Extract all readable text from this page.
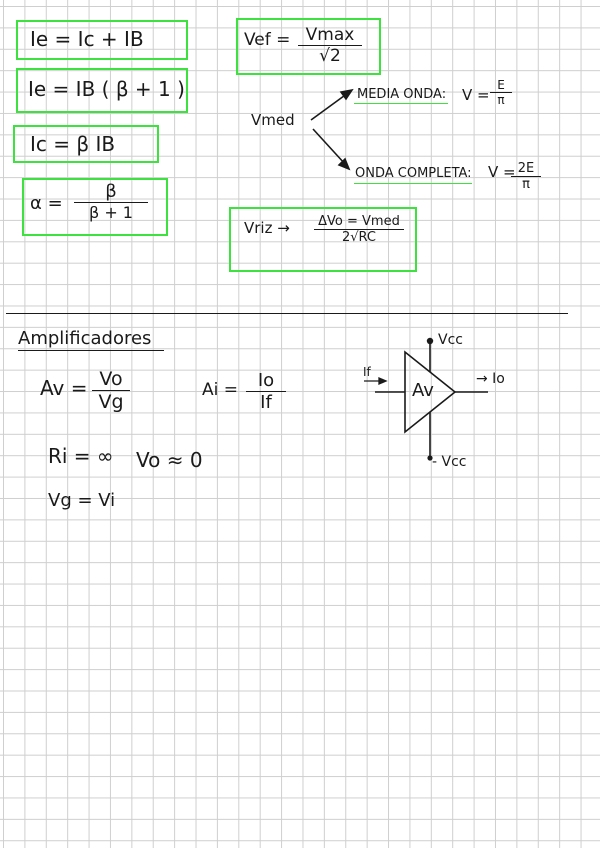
Ie = Ic + IB
Ie = IB ( β + 1 )
Ic = β IB
α =
β
β + 1
Vef = Vmax
√2
Vmed
MEDIA ONDA: V =
E
π
ONDA COMPLETA: V = 2E
π
Vriz → ΔVo = Vmed
2√RC
Amplificadores
Av = Vo
Vg
Ai = Io
If
Ri = ∞ Vo ≈ 0
Vg = Vi
Vcc
- Vcc
If	→ Io
Av
